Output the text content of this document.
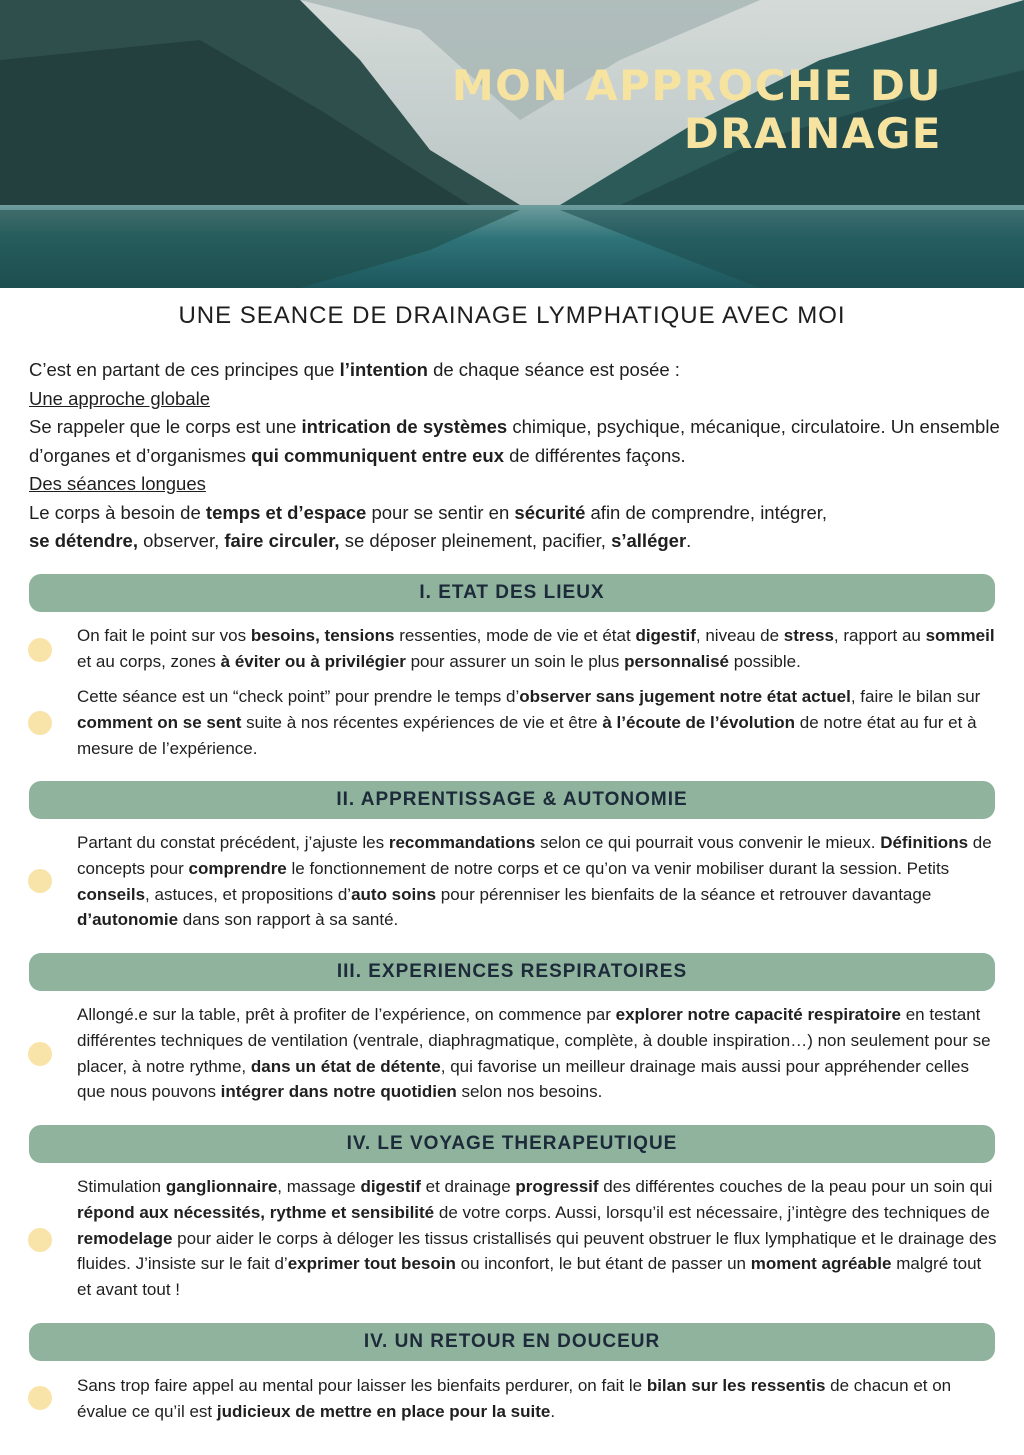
MON APPROCHE DU
DRAINAGE
UNE SEANCE DE DRAINAGE LYMPHATIQUE AVEC MOI

C’est en partant de ces principes que l’intention de chaque séance est posée :

Une approche globale

Se rappeler que le corps est une intrication de systèmes chimique, psychique, mécanique, circulatoire. Un ensemble d’organes et d’organismes qui communiquent entre eux de différentes façons.

Des séances longues

Le corps à besoin de temps et d’espace pour se sentir en sécurité afin de comprendre, intégrer,

se détendre, observer, faire circuler, se déposer pleinement, pacifier, s’alléger.

I. ETAT DES LIEUX

On fait le point sur vos besoins, tensions ressenties, mode de vie et état digestif, niveau de stress, rapport au sommeil et au corps, zones à éviter ou à privilégier pour assurer un soin le plus personnalisé possible.

Cette séance est un “check point” pour prendre le temps d’observer sans jugement notre état actuel, faire le bilan sur comment on se sent suite à nos récentes expériences de vie et être à l’écoute de l’évolution de notre état au fur et à mesure de l’expérience.

II. APPRENTISSAGE & AUTONOMIE

Partant du constat précédent, j’ajuste les recommandations selon ce qui pourrait vous convenir le mieux. Définitions de concepts pour comprendre le fonctionnement de notre corps et ce qu’on va venir mobiliser durant la session. Petits conseils, astuces, et propositions d’auto soins pour pérenniser les bienfaits de la séance et retrouver davantage d’autonomie dans son rapport à sa santé.

III. EXPERIENCES RESPIRATOIRES

Allongé.e sur la table, prêt à profiter de l’expérience, on commence par explorer notre capacité respiratoire en testant différentes techniques de ventilation (ventrale, diaphragmatique, complète, à double inspiration…) non seulement pour se placer, à notre rythme, dans un état de détente, qui favorise un meilleur drainage mais aussi pour appréhender celles que nous pouvons intégrer dans notre quotidien selon nos besoins.

IV. LE VOYAGE THERAPEUTIQUE

Stimulation ganglionnaire, massage digestif et drainage progressif des différentes couches de la peau pour un soin qui répond aux nécessités, rythme et sensibilité de votre corps. Aussi, lorsqu’il est nécessaire, j’intègre des techniques de remodelage pour aider le corps à déloger les tissus cristallisés qui peuvent obstruer le flux lymphatique et le drainage des fluides. J’insiste sur le fait d’exprimer tout besoin ou inconfort, le but étant de passer un moment agréable malgré tout et avant tout !

IV. UN RETOUR EN DOUCEUR

Sans trop faire appel au mental pour laisser les bienfaits perdurer, on fait le bilan sur les ressentis de chacun et on évalue ce qu’il est judicieux de mettre en place pour la suite.
